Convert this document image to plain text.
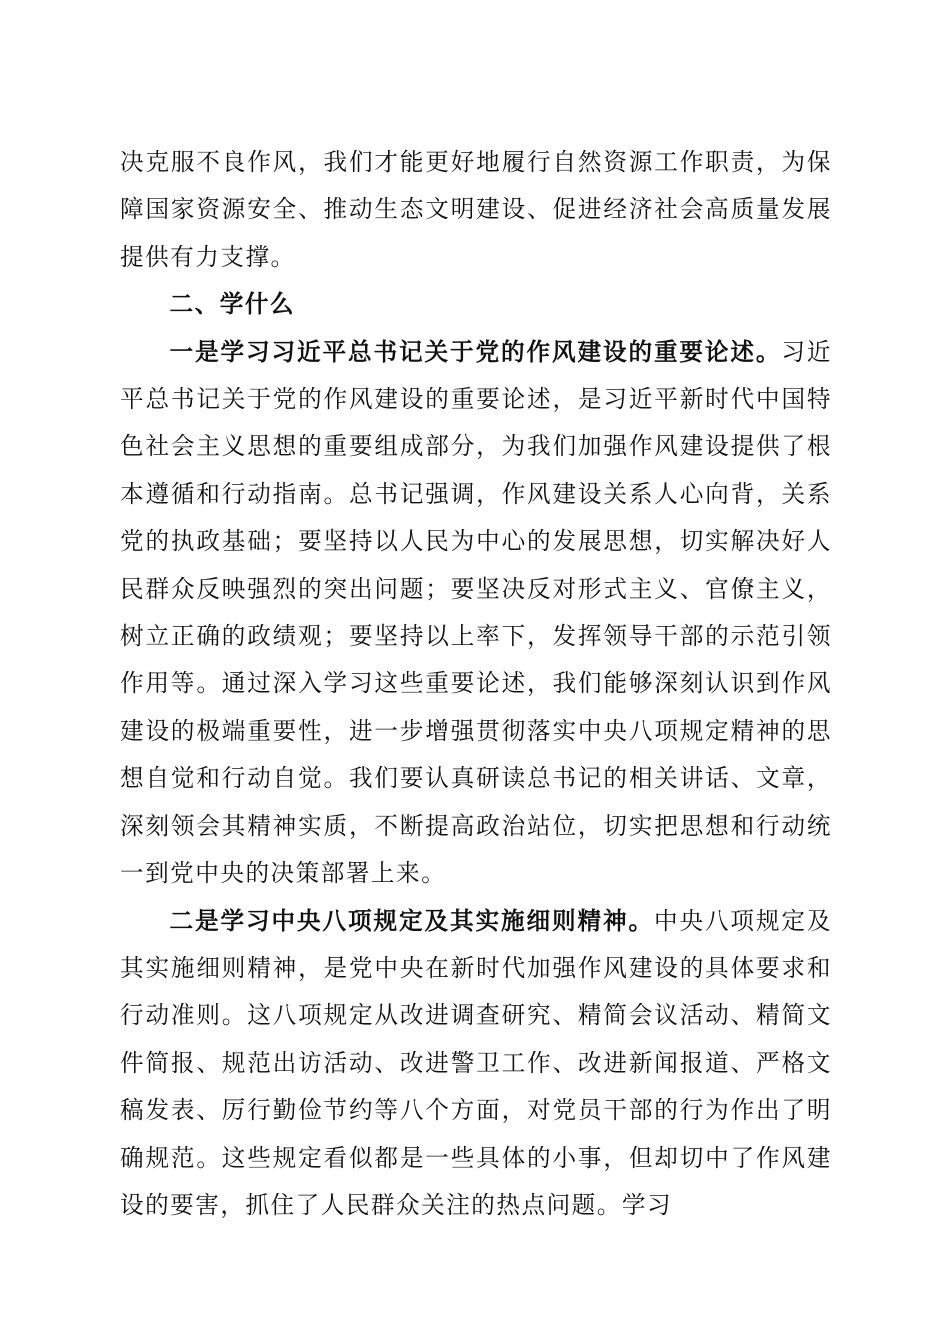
决克服不良作风，我们才能更好地履行自然资源工作职责，为保障国家资源安全、推动生态文明建设、促进经济社会高质量发展提供有力支撑。

二、学什么

一是学习习近平总书记关于党的作风建设的重要论述。习近平总书记关于党的作风建设的重要论述，是习近平新时代中国特色社会主义思想的重要组成部分，为我们加强作风建设提供了根本遵循和行动指南。总书记强调，作风建设关系人心向背，关系党的执政基础；要坚持以人民为中心的发展思想，切实解决好人民群众反映强烈的突出问题；要坚决反对形式主义、官僚主义，树立正确的政绩观；要坚持以上率下，发挥领导干部的示范引领作用等。通过深入学习这些重要论述，我们能够深刻认识到作风建设的极端重要性，进一步增强贯彻落实中央八项规定精神的思想自觉和行动自觉。我们要认真研读总书记的相关讲话、文章，深刻领会其精神实质，不断提高政治站位，切实把思想和行动统一到党中央的决策部署上来。

二是学习中央八项规定及其实施细则精神。中央八项规定及其实施细则精神，是党中央在新时代加强作风建设的具体要求和行动准则。这八项规定从改进调查研究、精简会议活动、精简文件简报、规范出访活动、改进警卫工作、改进新闻报道、严格文稿发表、厉行勤俭节约等八个方面，对党员干部的行为作出了明确规范。这些规定看似都是一些具体的小事，但却切中了作风建设的要害，抓住了人民群众关注的热点问题。学习
